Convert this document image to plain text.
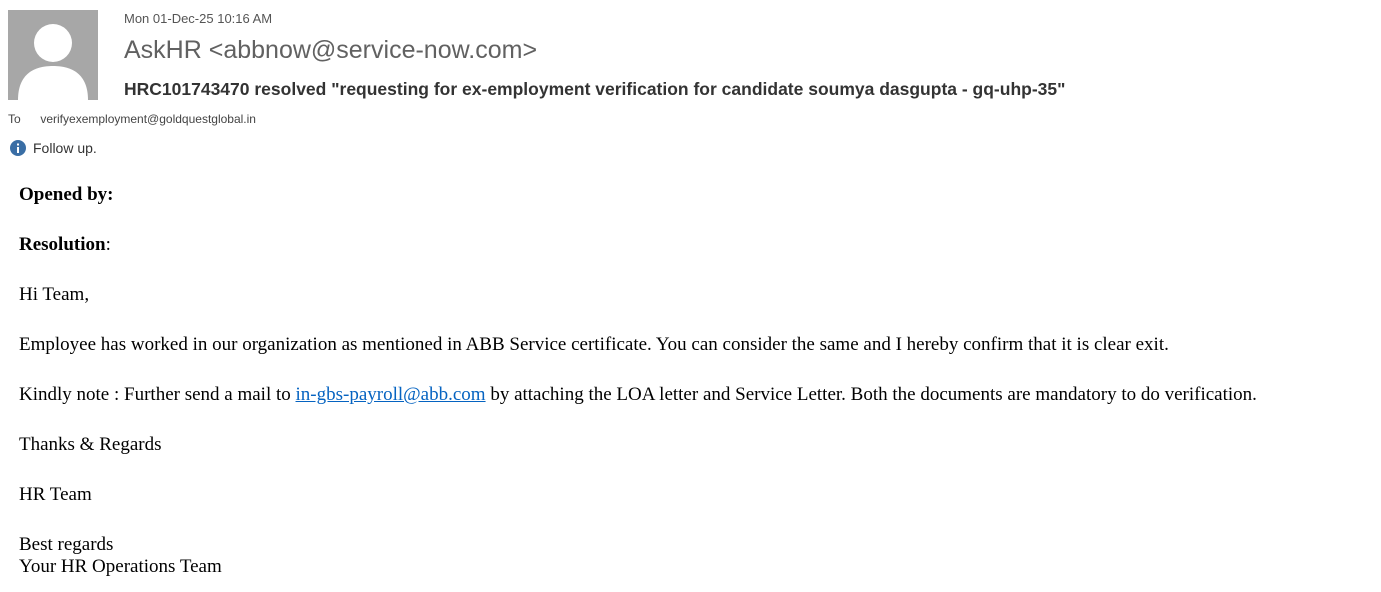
Mon 01-Dec-25 10:16 AM
AskHR <abbnow@service-now.com>
HRC101743470 resolved "requesting for ex-employment verification for candidate soumya dasgupta - gq-uhp-35"
To verifyexemployment@goldquestglobal.in
Follow up.

Opened by:

Resolution:

Hi Team,

Employee has worked in our organization as mentioned in ABB Service certificate. You can consider the same and I hereby confirm that it is clear exit.

Kindly note : Further send a mail to in-gbs-payroll@abb.com by attaching the LOA letter and Service Letter. Both the documents are mandatory to do verification.

Thanks & Regards

HR Team

Best regards

Your HR Operations Team
